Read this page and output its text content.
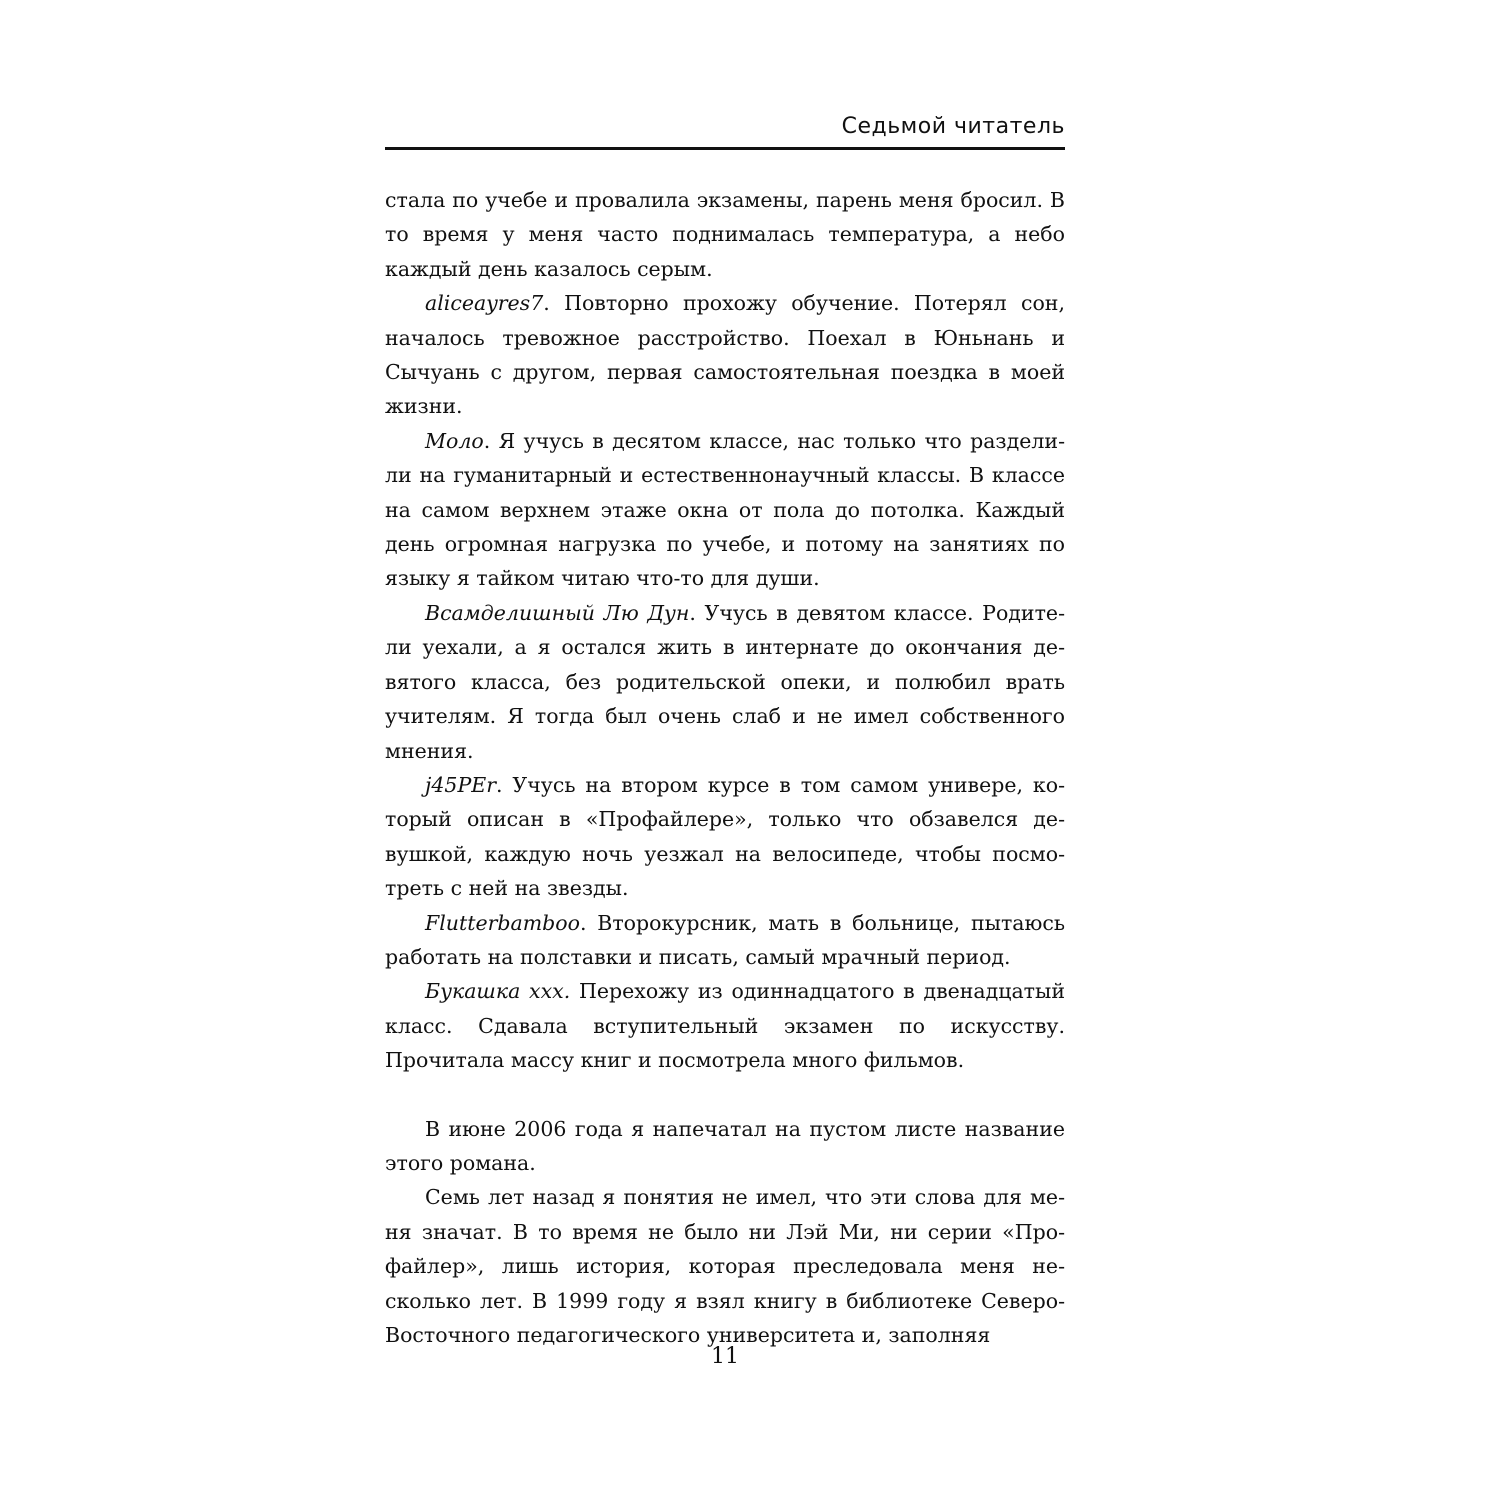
Седьмой читатель

стала по учебе и провалила экзамены, парень меня бросил. В то время у меня часто поднималась температура, а небо каждый день казалось серым.

aliceayres7. Повторно прохожу обучение. Потерял сон, началось тревожное расстройство. Поехал в Юньнань и Сычуань с другом, первая самостоятельная поездка в моей жизни.

Моло. Я учусь в десятом классе, нас только что разделили на гуманитарный и естественнонаучный классы. В классе на самом верхнем этаже окна от пола до потолка. Каждый день огромная нагрузка по учебе, и потому на занятиях по языку я тайком читаю что-то для души.

Всамделишный Лю Дун. Учусь в девятом классе. Родители уехали, а я остался жить в интернате до окончания девятого класса, без родительской опеки, и полюбил врать учителям. Я тогда был очень слаб и не имел собственного мнения.

j45PEr. Учусь на втором курсе в том самом универе, который описан в «Профайлере», только что обзавелся девушкой, каждую ночь уезжал на велосипеде, чтобы посмотреть с ней на звезды.

Flutterbamboo. Второкурсник, мать в больнице, пытаюсь работать на полставки и писать, самый мрачный период.

Букашка xxx. Перехожу из одиннадцатого в двенадцатый класс. Сдавала вступительный экзамен по искусству. Прочитала массу книг и посмотрела много фильмов.

В июне 2006 года я напечатал на пустом листе название этого романа.

Семь лет назад я понятия не имел, что эти слова для меня значат. В то время не было ни Лэй Ми, ни серии «Профайлер», лишь история, которая преследовала меня несколько лет. В 1999 году я взял книгу в библиотеке Северо-Восточного педагогического университета и, заполняя

11
